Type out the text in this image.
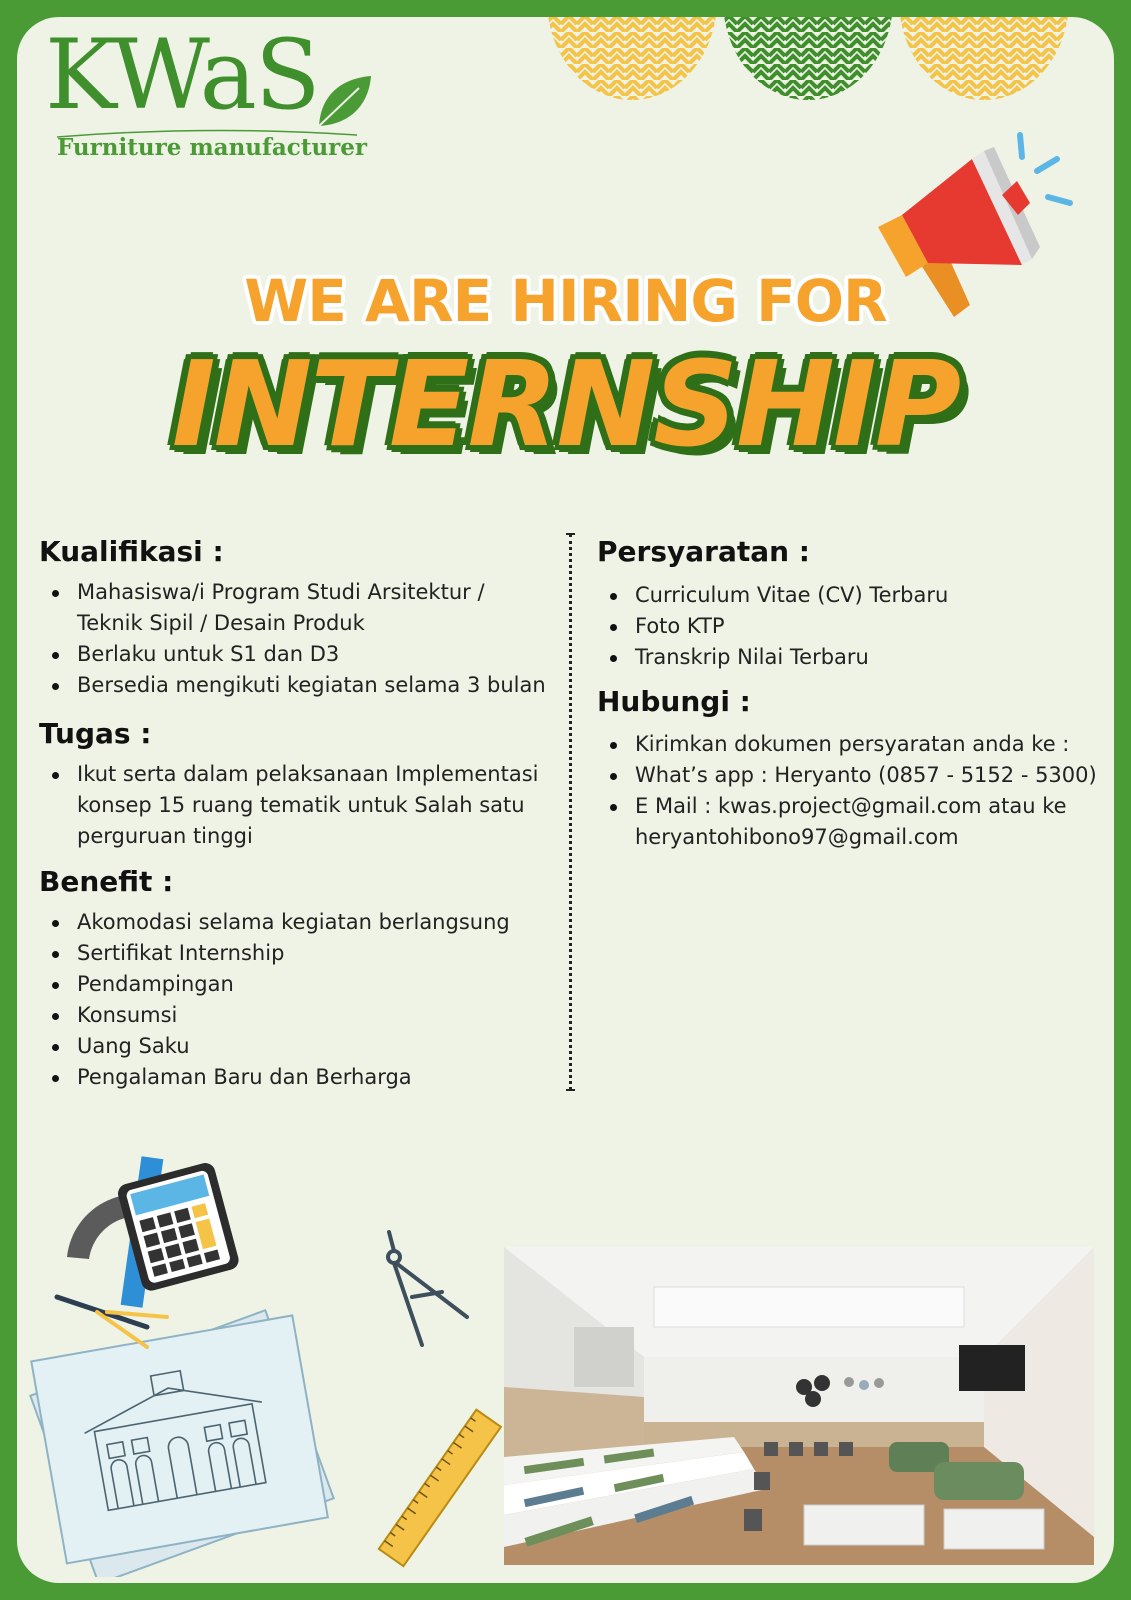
KWaS
Furniture manufacturer
WE ARE HIRING FOR
INTERNSHIP
Kualifikasi :
Mahasiswa/i Program Studi Arsitektur / Teknik Sipil / Desain Produk
Berlaku untuk S1 dan D3
Bersedia mengikuti kegiatan selama 3 bulan
Tugas :
Ikut serta dalam pelaksanaan Implementasi konsep 15 ruang tematik untuk Salah satu perguruan tinggi
Benefit :
Akomodasi selama kegiatan berlangsung
Sertifikat Internship
Pendampingan
Konsumsi
Uang Saku
Pengalaman Baru dan Berharga
Persyaratan :
Curriculum Vitae (CV) Terbaru
Foto KTP
Transkrip Nilai Terbaru
Hubungi :
Kirimkan dokumen persyaratan anda ke :
What’s app : Heryanto (0857 - 5152 - 5300)
E Mail : kwas.project@gmail.com atau ke heryantohibono97@gmail.com
